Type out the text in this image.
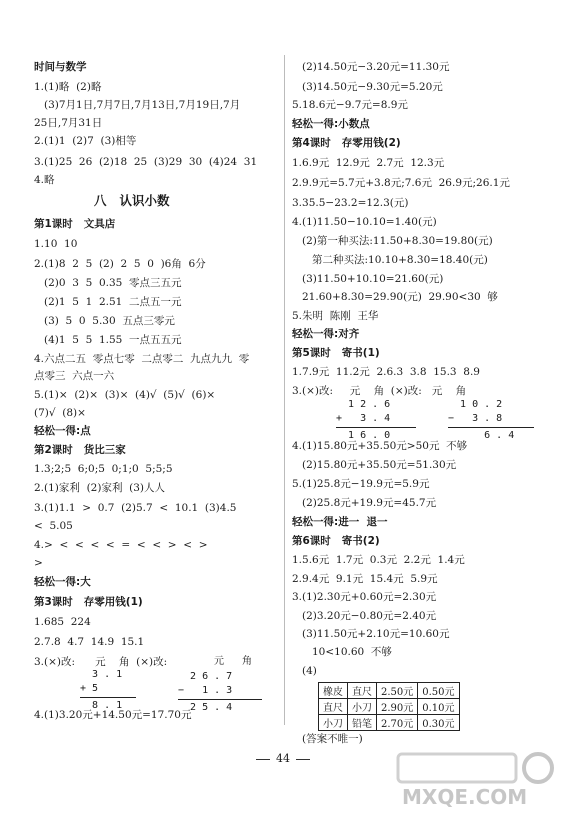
时间与数学
1.(1)略  (2)略
(3)7月1日,7月7日,7月13日,7月19日,7月
25日,7月31日
2.(1)1  (2)7  (3)相等
3.(1)25  26  (2)18  25  (3)29  30  (4)24  31
4.略
八   认识小数
第1课时   文具店
1.10  10
2.(1)8  2  5  (2)  2  5  0  )6角  6分
(2)0  3  5  0.35  零点三五元
(2)1  5  1  2.51  二点五一元
(3)  5  0  5.30  五点三零元
(4)1  5  5  1.55  一点五五元
4.六点二五  零点七零  二点零二  九点九九  零
点零三  六点一六
5.(1)×  (2)×  (3)×  (4)√  (5)√  (6)×
(7)√  (8)×
轻松一得:点
第2课时   货比三家
1.3;2;5  6;0;5  0;1;0  5;5;5
2.(1)家利  (2)家利  (3)人人
3.(1)1.1  >  0.7  (2)5.7  <  10.1  (3)4.5
<  5.05
4.>  <  <  <  <  =  <  <  >  <  >
>
轻松一得:大
第3课时   存零用钱(1)
1.685  224
2.7.8  4.7  14.9  15.1
3.(×)改:      元    角  (×)改:
4.(1)3.20元+14.50元=17.70元
3 . 1
+ 5
8 . 1
元   角
2 6 . 7
−   1 . 3
2 5 . 4
(2)14.50元−3.20元=11.30元
(3)14.50元−9.30元=5.20元
5.18.6元−9.7元=8.9元
轻松一得:小数点
第4课时   存零用钱(2)
1.6.9元  12.9元  2.7元  12.3元
2.9.9元=5.7元+3.8元;7.6元  26.9元;26.1元
3.35.5−23.2=12.3(元)
4.(1)11.50−10.10=1.40(元)
(2)第一种买法:11.50+8.30=19.80(元)
第二种买法:10.10+8.30=18.40(元)
(3)11.50+10.10=21.60(元)
21.60+8.30=29.90(元)  29.90<30  够
5.朱明  陈刚  王华
轻松一得:对齐
第5课时   寄书(1)
1.7.9元  11.2元  2.6.3  3.8  15.3  8.9
3.(×)改:     元    角  (×)改:   元    角
4.(1)15.80元+35.50元>50元  不够
(2)15.80元+35.50元=51.30元
5.(1)25.8元−19.9元=5.9元
(2)25.8元+19.9元=45.7元
轻松一得:进一  退一
第6课时   寄书(2)
1.5.6元  1.7元  0.3元  2.2元  1.4元
2.9.4元  9.1元  15.4元  5.9元
3.(1)2.30元+0.60元=2.30元
(2)3.20元−0.80元=2.40元
(3)11.50元+2.10元=10.60元
10<10.60  不够
(4)
(答案不唯一)
1 2 . 6
+   3 . 4
1 6 . 0
1 0 . 2
−   3 . 8
6 . 4
橡皮	直尺	2.50元	0.50元
直尺	小刀	2.90元	0.10元
小刀	铅笔	2.70元	0.30元
44
MXQE.COM
